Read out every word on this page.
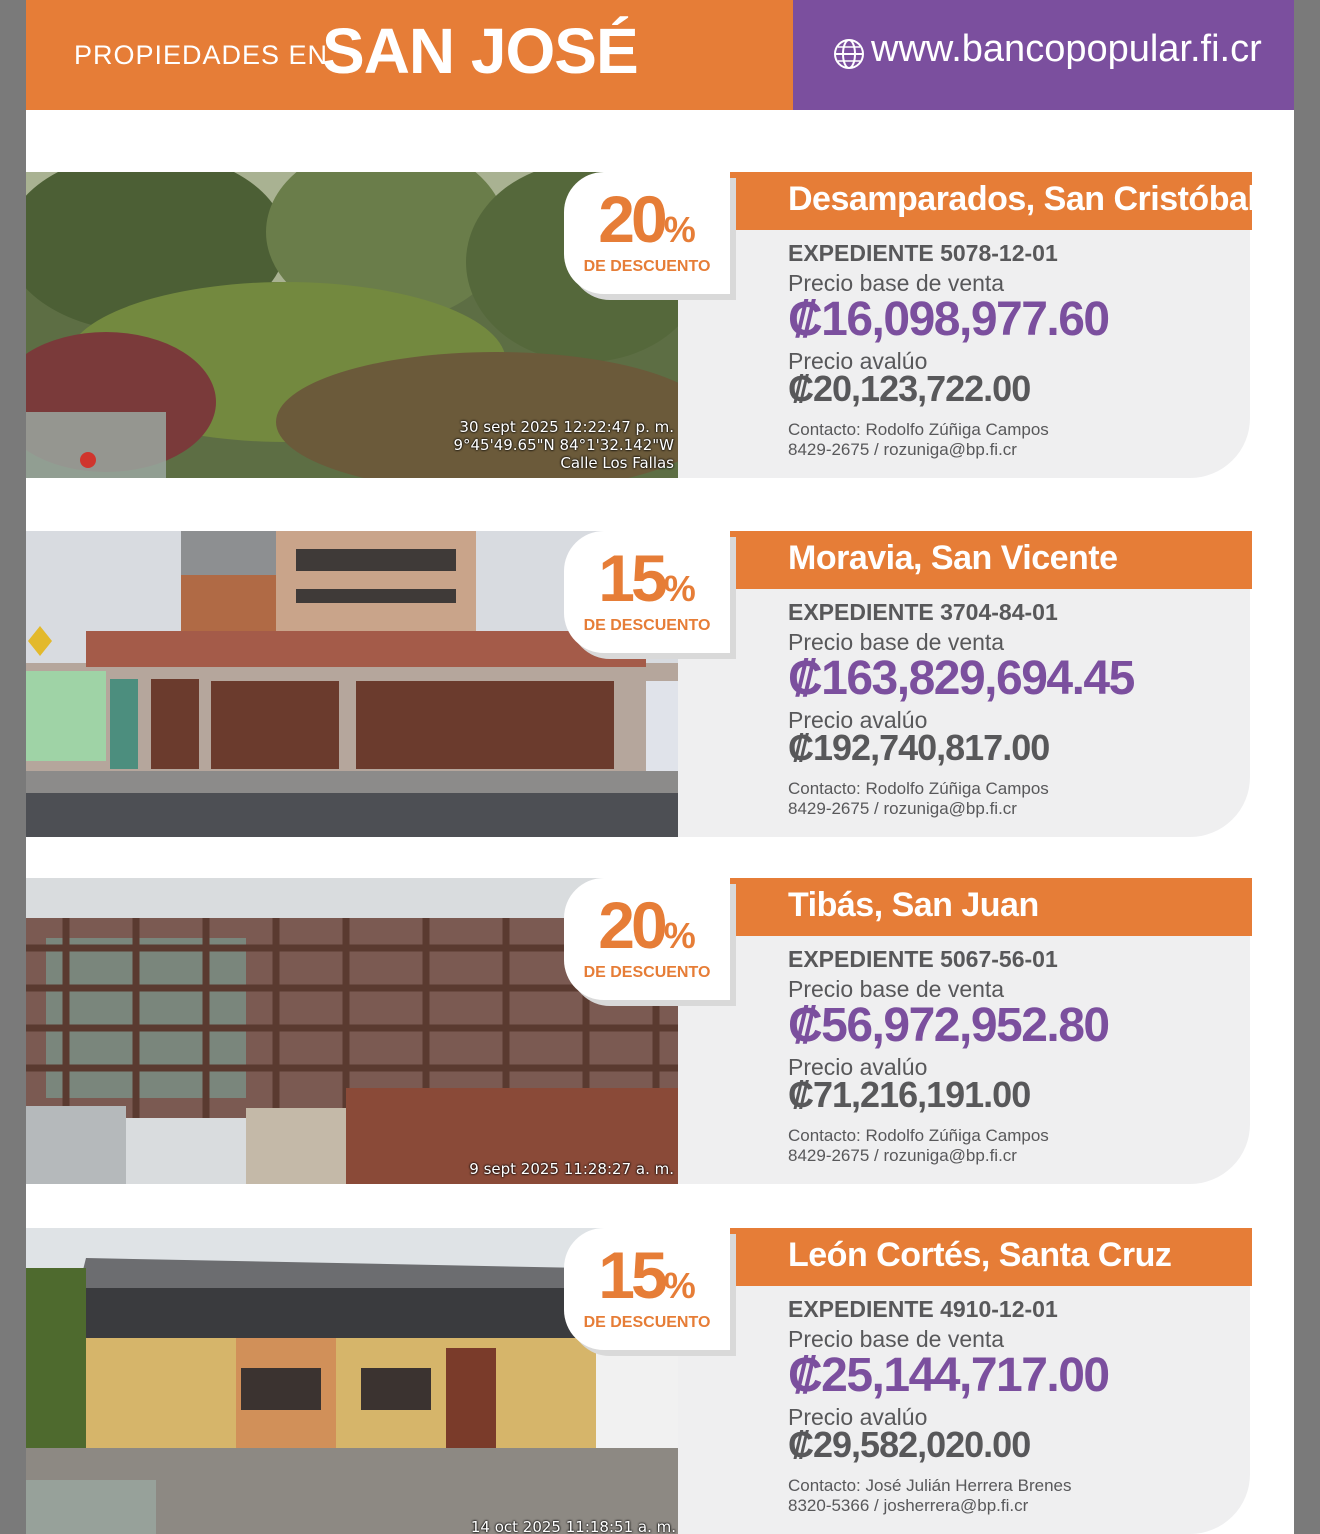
PROPIEDADES EN
SAN JOSÉ	www.bancopopular.fi.cr
30 sept 2025 12:22:47 p. m.
9°45'49.65"N 84°1'32.142"W
Calle Los Fallas
Desamparados, San Cristóbal
20%
DE DESCUENTO
EXPEDIENTE 5078-12-01
Precio base de venta
₡16,098,977.60
Precio avalúo
₡20,123,722.00
Contacto: Rodolfo Zúñiga Campos
8429-2675 / rozuniga@bp.fi.cr
Moravia, San Vicente
15%
DE DESCUENTO
EXPEDIENTE 3704-84-01
Precio base de venta
₡163,829,694.45
Precio avalúo
₡192,740,817.00
Contacto: Rodolfo Zúñiga Campos
8429-2675 / rozuniga@bp.fi.cr
9 sept 2025 11:28:27 a. m.
Tibás, San Juan
20%
DE DESCUENTO
EXPEDIENTE 5067-56-01
Precio base de venta
₡56,972,952.80
Precio avalúo
₡71,216,191.00
Contacto: Rodolfo Zúñiga Campos
8429-2675 / rozuniga@bp.fi.cr
14 oct 2025 11:18:51 a. m.
León Cortés, Santa Cruz
15%
DE DESCUENTO
EXPEDIENTE 4910-12-01
Precio base de venta
₡25,144,717.00
Precio avalúo
₡29,582,020.00
Contacto: José Julián Herrera Brenes
8320-5366 / josherrera@bp.fi.cr
